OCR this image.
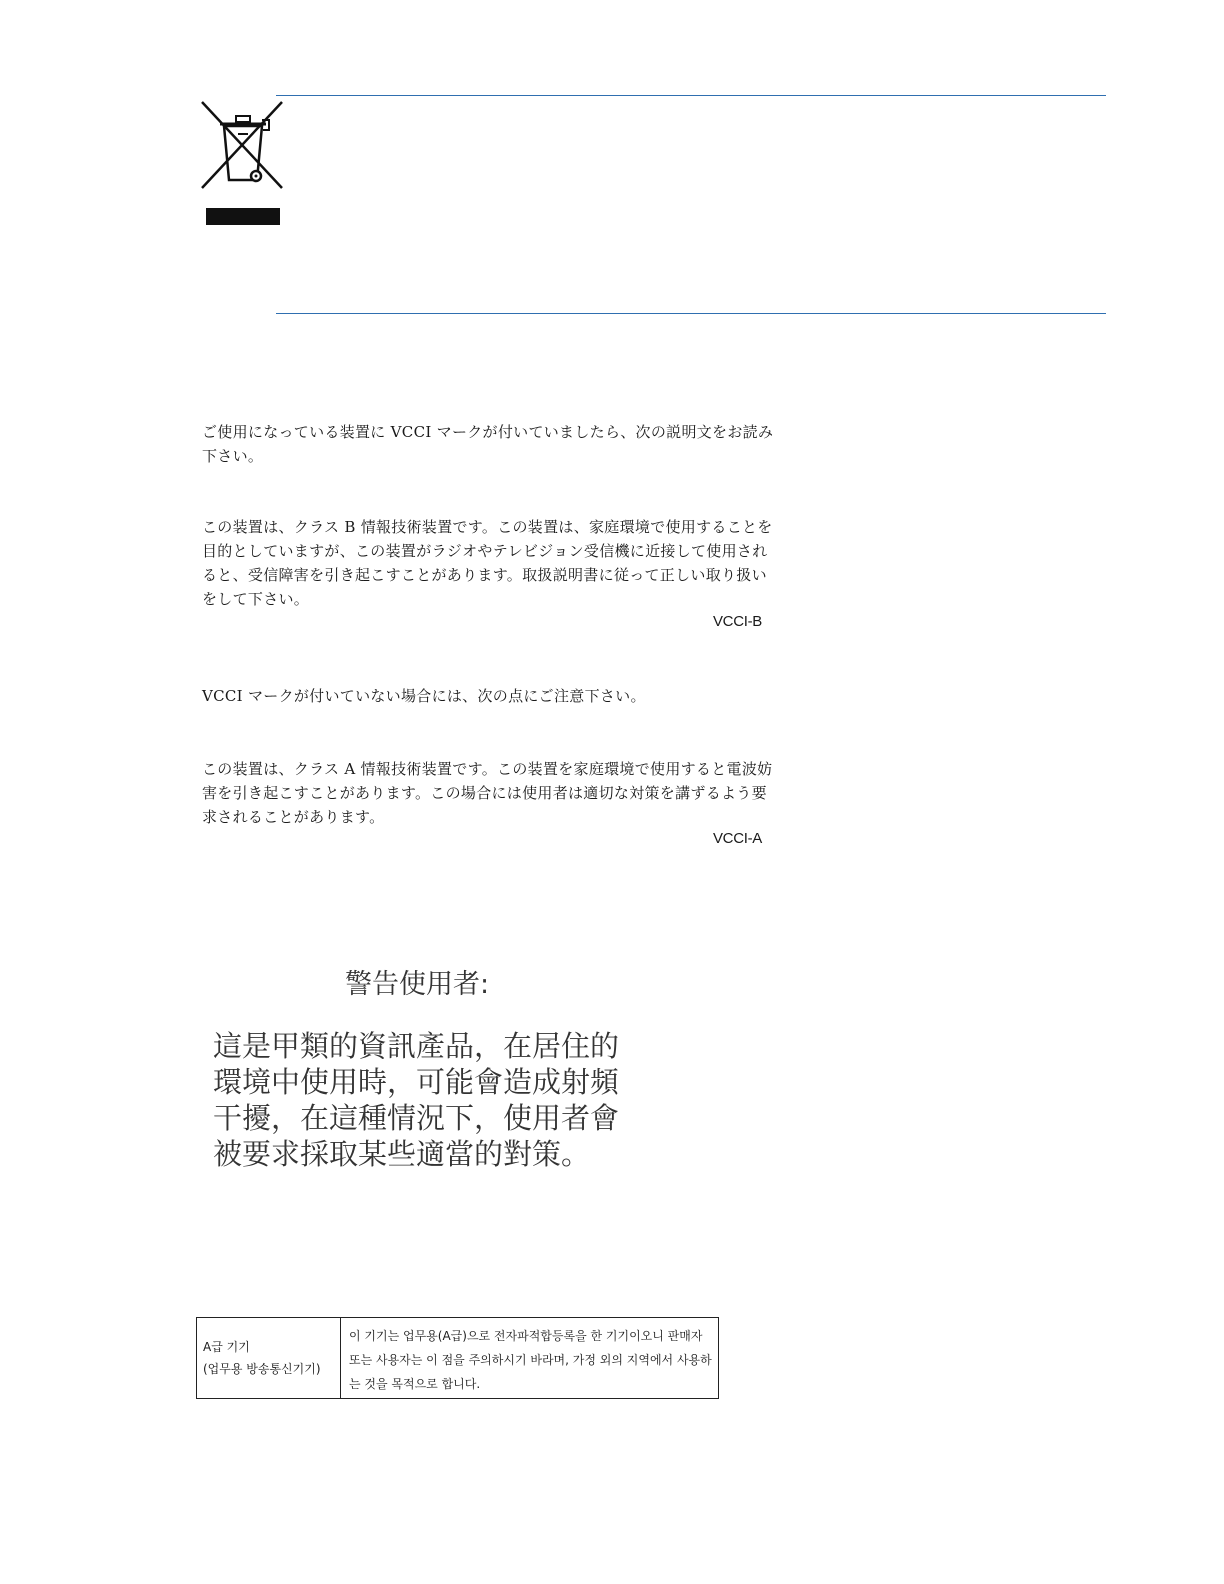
ご使用になっている装置に VCCI マークが付いていましたら、次の説明文をお読み下さい。

この装置は、クラス B 情報技術装置です。この装置は、家庭環境で使用することを目的としていますが、この装置がラジオやテレビジョン受信機に近接して使用されると、受信障害を引き起こすことがあります。取扱説明書に従って正しい取り扱いをして下さい。

VCCI-B

VCCI マークが付いていない場合には、次の点にご注意下さい。

この装置は、クラス A 情報技術装置です。この装置を家庭環境で使用すると電波妨害を引き起こすことがあります。この場合には使用者は適切な対策を講ずるよう要求されることがあります。

VCCI-A

警告使用者:

這是甲類的資訊產品，在居住的環境中使用時，可能會造成射頻干擾，在這種情況下，使用者會被要求採取某些適當的對策。

A급 기기
(업무용 방송통신기기)
이 기기는 업무용(A급)으로 전자파적합등록을 한 기기이오니 판매자 또는 사용자는 이 점을 주의하시기 바라며, 가정 외의 지역에서 사용하는 것을 목적으로 합니다.
